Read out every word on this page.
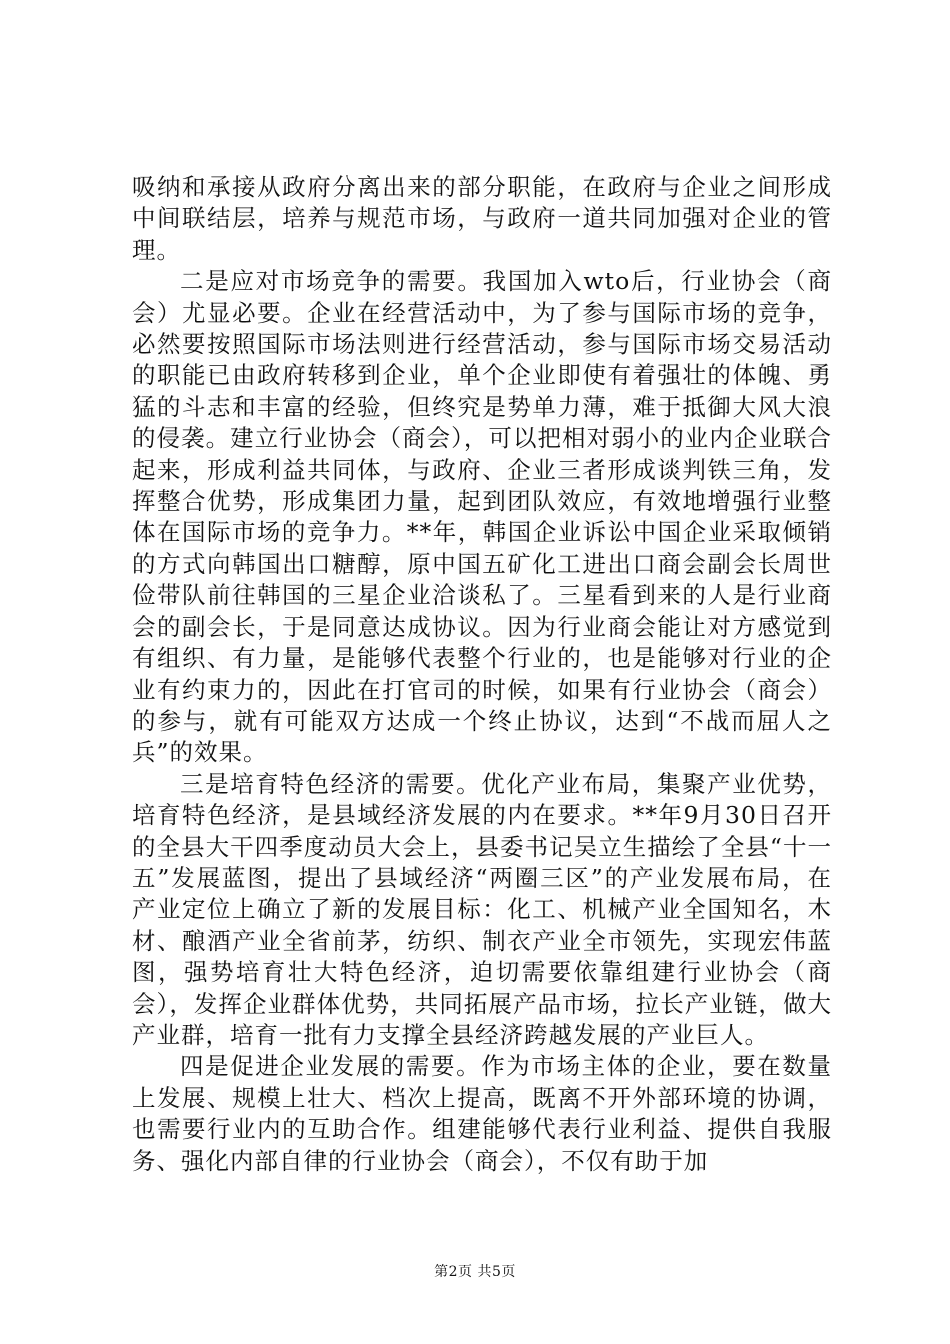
吸纳和承接从政府分离出来的部分职能，在政府与企业之间形成中间联结层，培养与规范市场，与政府一道共同加强对企业的管理。

二是应对市场竞争的需要。我国加入wto后，行业协会（商会）尤显必要。企业在经营活动中，为了参与国际市场的竞争，必然要按照国际市场法则进行经营活动，参与国际市场交易活动的职能已由政府转移到企业，单个企业即使有着强壮的体魄、勇猛的斗志和丰富的经验，但终究是势单力薄，难于抵御大风大浪的侵袭。建立行业协会（商会），可以把相对弱小的业内企业联合起来，形成利益共同体，与政府、企业三者形成谈判铁三角，发挥整合优势，形成集团力量，起到团队效应，有效地增强行业整体在国际市场的竞争力。**年，韩国企业诉讼中国企业采取倾销的方式向韩国出口糖醇，原中国五矿化工进出口商会副会长周世俭带队前往韩国的三星企业洽谈私了。三星看到来的人是行业商会的副会长，于是同意达成协议。因为行业商会能让对方感觉到有组织、有力量，是能够代表整个行业的，也是能够对行业的企业有约束力的，因此在打官司的时候，如果有行业协会（商会）的参与，就有可能双方达成一个终止协议，达到“不战而屈人之兵”的效果。

三是培育特色经济的需要。优化产业布局，集聚产业优势，培育特色经济，是县域经济发展的内在要求。**年9月30日召开的全县大干四季度动员大会上，县委书记吴立生描绘了全县“十一五”发展蓝图，提出了县域经济“两圈三区”的产业发展布局，在产业定位上确立了新的发展目标：化工、机械产业全国知名，木材、酿酒产业全省前茅，纺织、制衣产业全市领先，实现宏伟蓝图，强势培育壮大特色经济，迫切需要依靠组建行业协会（商会），发挥企业群体优势，共同拓展产品市场，拉长产业链，做大产业群，培育一批有力支撑全县经济跨越发展的产业巨人。

四是促进企业发展的需要。作为市场主体的企业，要在数量上发展、规模上壮大、档次上提高，既离不开外部环境的协调，也需要行业内的互助合作。组建能够代表行业利益、提供自我服务、强化内部自律的行业协会（商会），不仅有助于加

第2页 共5页
